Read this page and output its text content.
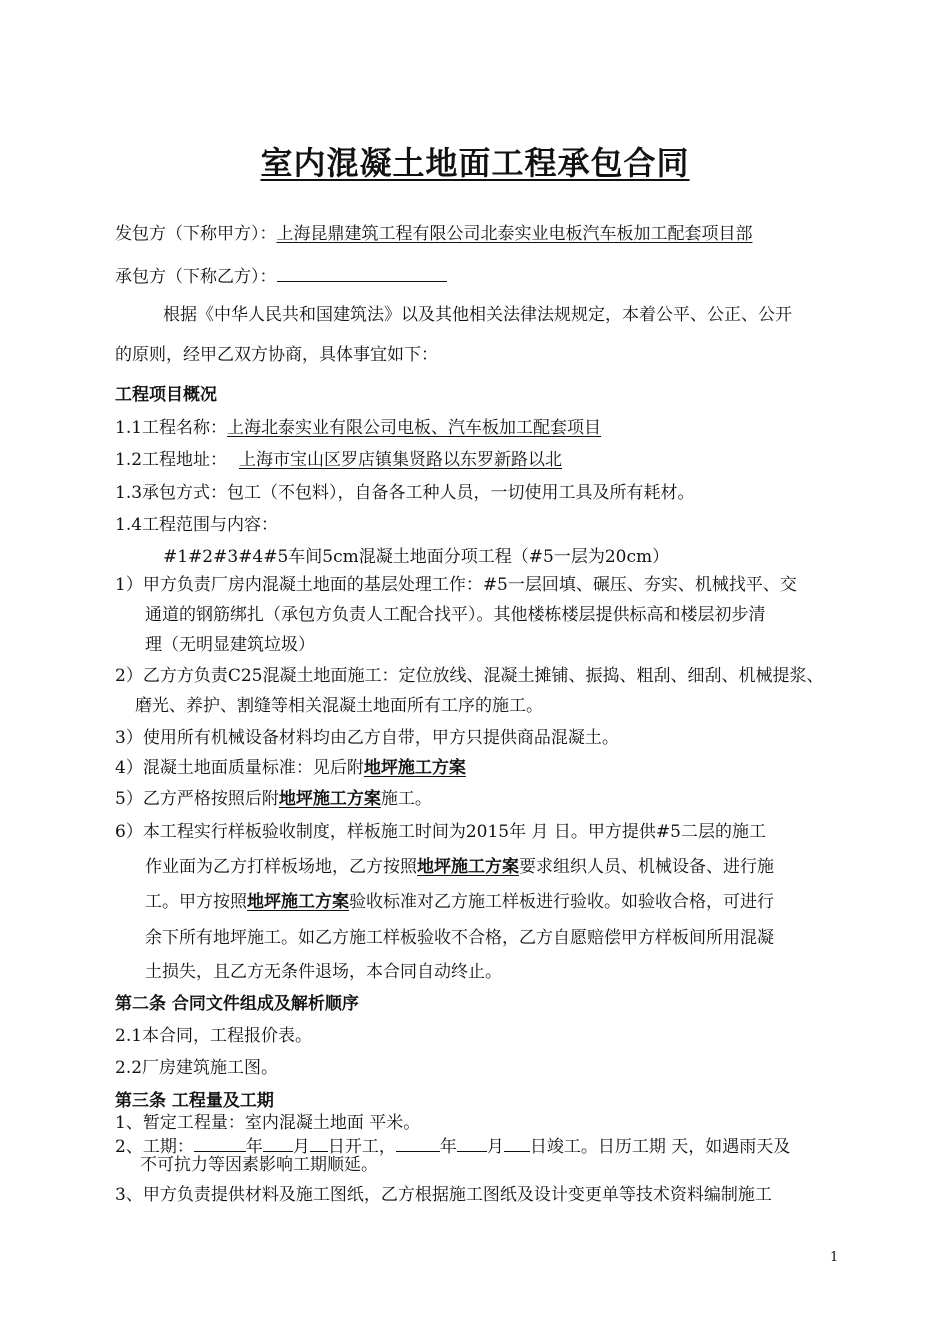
室内混凝土地面工程承包合同
发包方（下称甲方）：上海昆鼎建筑工程有限公司北泰实业电板汽车板加工配套项目部
承包方（下称乙方）：
根据《中华人民共和国建筑法》以及其他相关法律法规规定，本着公平、公正、公开
的原则，经甲乙双方协商，具体事宜如下：
工程项目概况
1.1工程名称：上海北泰实业有限公司电板、汽车板加工配套项目
1.2工程地址： 上海市宝山区罗店镇集贤路以东罗新路以北
1.3承包方式：包工（不包料），自备各工种人员，一切使用工具及所有耗材。
1.4工程范围与内容：
#1#2#3#4#5车间5cm混凝土地面分项工程（#5一层为20cm）
1）甲方负责厂房内混凝土地面的基层处理工作：#5一层回填、碾压、夯实、机械找平、交
通道的钢筋绑扎（承包方负责人工配合找平）。其他楼栋楼层提供标高和楼层初步清
理（无明显建筑垃圾）
2）乙方方负责C25混凝土地面施工：定位放线、混凝土摊铺、振捣、粗刮、细刮、机械提浆、
磨光、养护、割缝等相关混凝土地面所有工序的施工。
3）使用所有机械设备材料均由乙方自带，甲方只提供商品混凝土。
4）混凝土地面质量标准：见后附地坪施工方案
5）乙方严格按照后附地坪施工方案施工。
6）本工程实行样板验收制度，样板施工时间为2015年 月 日。甲方提供#5二层的施工
作业面为乙方打样板场地，乙方按照地坪施工方案要求组织人员、机械设备、进行施
工。甲方按照地坪施工方案验收标准对乙方施工样板进行验收。如验收合格，可进行
余下所有地坪施工。如乙方施工样板验收不合格，乙方自愿赔偿甲方样板间所用混凝
土损失，且乙方无条件退场，本合同自动终止。
第二条 合同文件组成及解析顺序
2.1本合同，工程报价表。
2.2厂房建筑施工图。
第三条 工程量及工期
1、暂定工程量：室内混凝土地面 平米。
2、工期：	年 月 日开工，	年 月 日竣工。日历工期 天，如遇雨天及
不可抗力等因素影响工期顺延。
3、甲方负责提供材料及施工图纸，乙方根据施工图纸及设计变更单等技术资料编制施工
1
